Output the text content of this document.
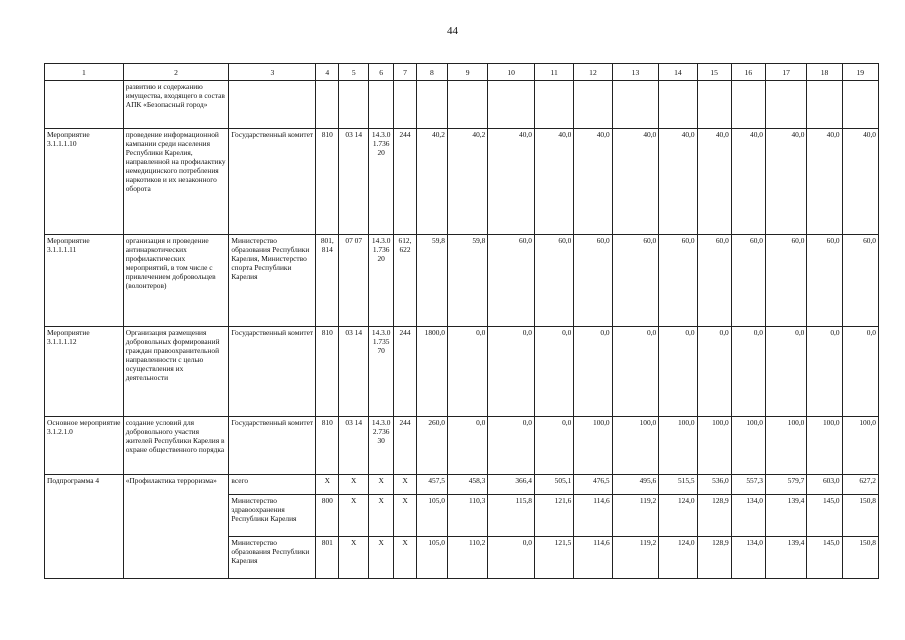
44
1	2	3	4	5	6	7	8	9	10	11	12	13	14	15	16	17	18	19
	развитию и содержанию имущества, входящего в состав АПК «Безопасный город»																	
Мероприятие 3.1.1.1.10	проведение информационной кампании среди населения Республики Карелия, направленной на профилактику немедицинского потребления наркотиков и их незаконного оборота	Государственный комитет	810	03 14	14.3.01.73620	244	40,2	40,2	40,0	40,0	40,0	40,0	40,0	40,0	40,0	40,0	40,0	40,0
Мероприятие 3.1.1.1.11	организация и проведение антинаркотических профилактических мероприятий, в том числе с привлечением добровольцев (волонтеров)	Министерство образования Республики Карелия, Министерство спорта Республики Карелия	801, 814	07 07	14.3.01.73620	612, 622	59,8	59,8	60,0	60,0	60,0	60,0	60,0	60,0	60,0	60,0	60,0	60,0
Мероприятие 3.1.1.1.12	Организация размещения добровольных формирований граждан правоохранительной направленности с целью осуществления их деятельности	Государственный комитет	810	03 14	14.3.01.73570	244	1800,0	0,0	0,0	0,0	0,0	0,0	0,0	0,0	0,0	0,0	0,0	0,0
Основное мероприятие 3.1.2.1.0	создание условий для добровольного участия жителей Республики Карелия в охране общественного порядка	Государственный комитет	810	03 14	14.3.02.73630	244	260,0	0,0	0,0	0,0	100,0	100,0	100,0	100,0	100,0	100,0	100,0	100,0
Подпрограмма 4	«Профилактика терроризма»	всего	X	X	X	X	457,5	458,3	366,4	505,1	476,5	495,6	515,5	536,0	557,3	579,7	603,0	627,2
		Министерство здравоохранения Республики Карелия	800	X	X	X	105,0	110,3	115,8	121,6	114,6	119,2	124,0	128,9	134,0	139,4	145,0	150,8
		Министерство образования Республики Карелия	801	X	X	X	105,0	110,2	0,0	121,5	114,6	119,2	124,0	128,9	134,0	139,4	145,0	150,8
